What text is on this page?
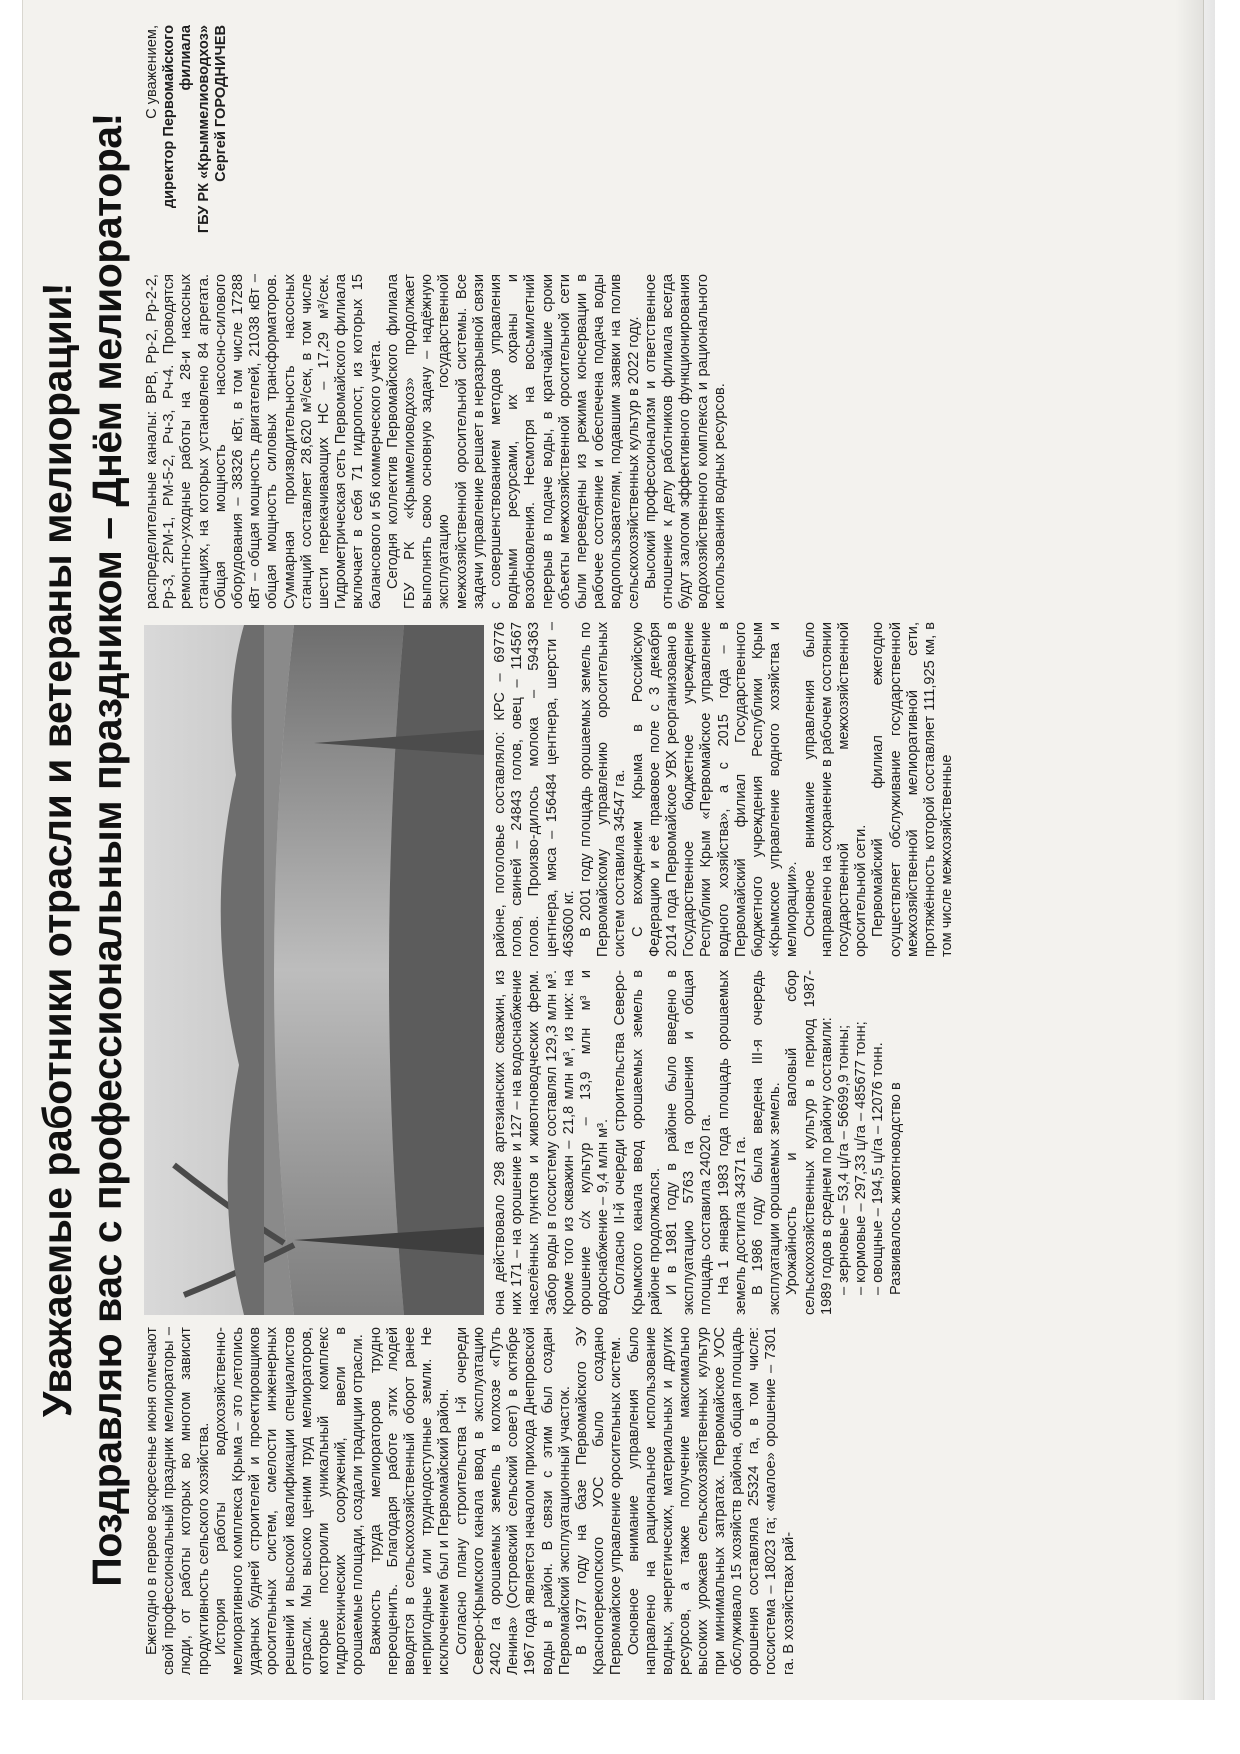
Уважаемые работники отрасли и ветераны мелиорации! Поздравляю вас с профессиональным праздником – Днём мелиоратора! Ежегодно в первое воскресенье июня отмечают свой профессиональный праздник мелиораторы – люди, от работы которых во многом зависит продуктивность сельского хозяйства. История работы водохозяйственно-мелиоративного комплекса Крыма – это летопись ударных будней строителей и проектировщиков оросительных систем, смелости инженерных решений и высокой квалификации специалистов отрасли. Мы высоко ценим труд мелиораторов, которые построили уникальный комплекс гидротехнических сооружений, ввели в орошаемые площади, создали традиции отрасли. Важность труда мелиораторов трудно переоценить. Благодаря работе этих людей вводятся в сельскохозяйственный оборот ранее непригодные или труднодоступные земли. Не исключением был и Первомайский район. Согласно плану строительства I-й очереди Северо-Крымского канала ввод в эксплуатацию 2402 га орошаемых земель в колхозе «Путь Ленина» (Островский сельский совет) в октябре 1967 года является началом прихода Днепровской воды в район. В связи с этим был создан Первомайский эксплуатационный участок. В 1977 году на базе Первомайского ЭУ Красноперекопского УОС было создано Первомайское управление оросительных систем. Основное внимание управления было направлено на рациональное использование водных, энергетических, материальных и других ресурсов, а также получение максимально высоких урожаев сельскохозяйственных культур при минимальных затратах. Первомайское УОС обслуживало 15 хозяйств района, общая площадь орошения составляла 25324 га, в том числе: госсистема – 18023 га; «малое» орошение – 7301 га. В хозяйствах рай-

она действовало 298 артезианских скважин, из них 171 – на орошение и 127 – на водоснабжение населённых пунктов и животноводческих ферм. Забор воды в госсистему составлял 129,3 млн м³. Кроме того из скважин – 21,8 млн м³, из них: на орошение с/х культур – 13,9 млн м³ и водоснабжение – 9,4 млн м³. Согласно II-й очереди строительства Северо-Крымского канала ввод орошаемых земель в районе продолжался. И в 1981 году в районе было введено в эксплуатацию 5763 га орошения и общая площадь составила 24020 га. На 1 января 1983 года площадь орошаемых земель достигла 34371 га. В 1986 году была введена III-я очередь эксплуатации орошаемых земель. Урожайность и валовый сбор сельскохозяйственных культур в период 1987-1989 годов в среднем по району составили: – зерновые – 53,4 ц/га – 56699,9 тонны; – кормовые – 297,33 ц/га – 485677 тонн; – овощные – 194,5 ц/га – 12076 тонн. Развивалось животноводство в

районе, поголовье составляло: КРС – 69776 голов, свиней – 24843 голов, овец – 114567 голов. Произво-дилось молока – 594363 центнера, мяса – 156484 центнера, шерсти – 463600 кг. В 2001 году площадь орошаемых земель по Первомайскому управлению оросительных систем составила 34547 га. С вхождением Крыма в Российскую Федерацию и её правовое поле с 3 декабря 2014 года Первомайское УВХ реорганизовано в Государственное бюджетное учреждение Республики Крым «Первомайское управление водного хозяйства», а с 2015 года – в Первомайский филиал Государственного бюджетного учреждения Республики Крым «Крымское управление водного хозяйства и мелиорации». Основное внимание управления было направлено на сохранение в рабочем состоянии государственной межхозяйственной оросительной сети. Первомайский филиал ежегодно осуществляет обслуживание государственной межхозяйственной мелиоративной сети, протяжённость которой составляет 111,925 км, в том числе межхозяйственные

распределительные каналы: ВРВ, Рр-2, Рр-2-2, Рр-3, 2РМ-1, РМ-5-2, Рч-3, Рч-4. Проводятся ремонтно-уходные работы на 28-и насосных станциях, на которых установлено 84 агрегата. Общая мощность насосно-силового оборудования – 38326 кВт, в том числе 17288 кВт – общая мощность двигателей, 21038 кВт – общая мощность силовых трансформаторов. Суммарная производительность насосных станций составляет 28,620 м³/сек, в том числе шести перекачивающих НС – 17,29 м³/сек. Гидрометрическая сеть Первомайского филиала включает в себя 71 гидропост, из которых 15 балансового и 56 коммерческого учёта. Сегодня коллектив Первомайского филиала ГБУ РК «Крыммелиоводхоз» продолжает выполнять свою основную задачу – надёжную эксплуатацию государственной межхозяйственной оросительной системы. Все задачи управление решает в неразрывной связи с совершенствованием методов управления водными ресурсами, их охраны и возобновления. Несмотря на восьмилетний перерыв в подаче воды, в кратчайшие сроки объекты межхозяйственной оросительной сети были переведены из режима консервации в рабочее состояние и обеспечена подача воды водопользователям, подавшим заявки на полив сельскохозяйственных культур в 2022 году. Высокий профессионализм и ответственное отношение к делу работников филиала всегда будут залогом эффективного функционирования водохозяйственного комплекса и рационального использования водных ресурсов.

С уважением, директор Первомайского филиала ГБУ РК «Крыммелиоводхоз» Сергей ГОРОДНИЧЕВ
